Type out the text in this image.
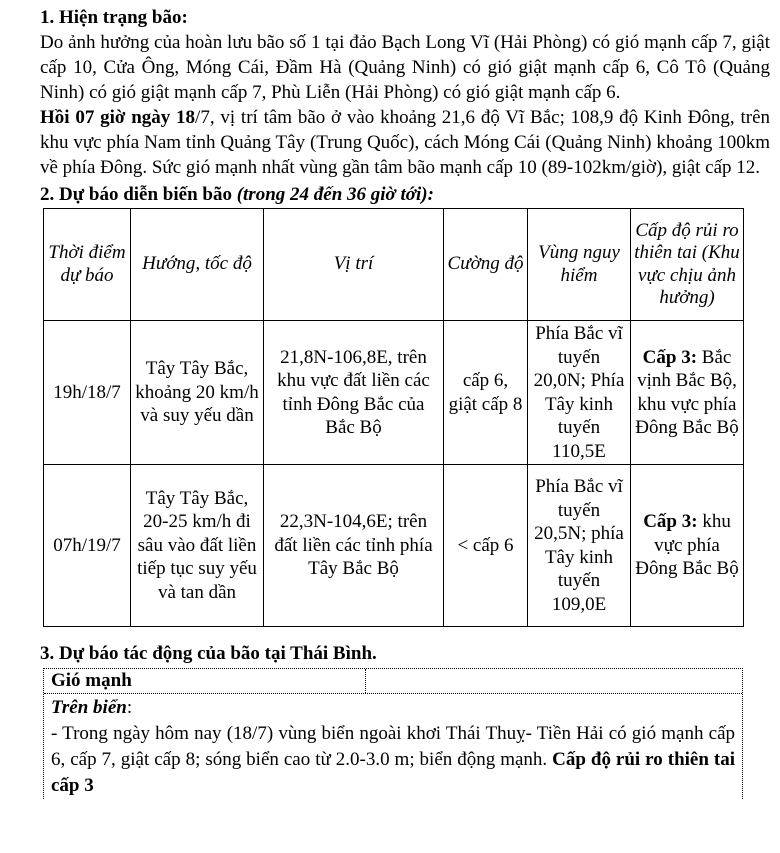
1. Hiện trạng bão:

Do ảnh hưởng của hoàn lưu bão số 1 tại đảo Bạch Long Vĩ (Hải Phòng) có gió mạnh cấp 7, giật cấp 10, Cửa Ông, Móng Cái, Đầm Hà (Quảng Ninh) có gió giật mạnh cấp 6, Cô Tô (Quảng Ninh) có gió giật mạnh cấp 7, Phù Liễn (Hải Phòng) có gió giật mạnh cấp 6.

Hồi 07 giờ ngày 18/7, vị trí tâm bão ở vào khoảng 21,6 độ Vĩ Bắc; 108,9 độ Kinh Đông, trên khu vực phía Nam tỉnh Quảng Tây (Trung Quốc), cách Móng Cái (Quảng Ninh) khoảng 100km về phía Đông. Sức gió mạnh nhất vùng gần tâm bão mạnh cấp 10 (89-102km/giờ), giật cấp 12.

2. Dự báo diễn biến bão (trong 24 đến 36 giờ tới):

Thời điểm dự báo	Hướng, tốc độ	Vị trí	Cường độ	Vùng nguy hiểm	Cấp độ rủi ro thiên tai (Khu vực chịu ảnh hưởng)
19h/18/7	Tây Tây Bắc, khoảng 20 km/h và suy yếu dần	21,8N-106,8E, trên khu vực đất liền các tỉnh Đông Bắc của Bắc Bộ	cấp 6, giật cấp 8	Phía Bắc vĩ tuyến 20,0N; Phía Tây kinh tuyến 110,5E	Cấp 3: Bắc vịnh Bắc Bộ, khu vực phía Đông Bắc Bộ
07h/19/7	Tây Tây Bắc, 20-25 km/h đi sâu vào đất liền tiếp tục suy yếu và tan dần	22,3N-104,6E; trên đất liền các tỉnh phía Tây Bắc Bộ	< cấp 6	Phía Bắc vĩ tuyến 20,5N; phía Tây kinh tuyến 109,0E	Cấp 3: khu vực phía Đông Bắc Bộ

3. Dự báo tác động của bão tại Thái Bình.

Gió mạnh

Trên biển:

- Trong ngày hôm nay (18/7) vùng biển ngoài khơi Thái Thuỵ- Tiền Hải có gió mạnh cấp 6, cấp 7, giật cấp 8; sóng biển cao từ 2.0-3.0 m; biển động mạnh. Cấp độ rủi ro thiên tai cấp 3
